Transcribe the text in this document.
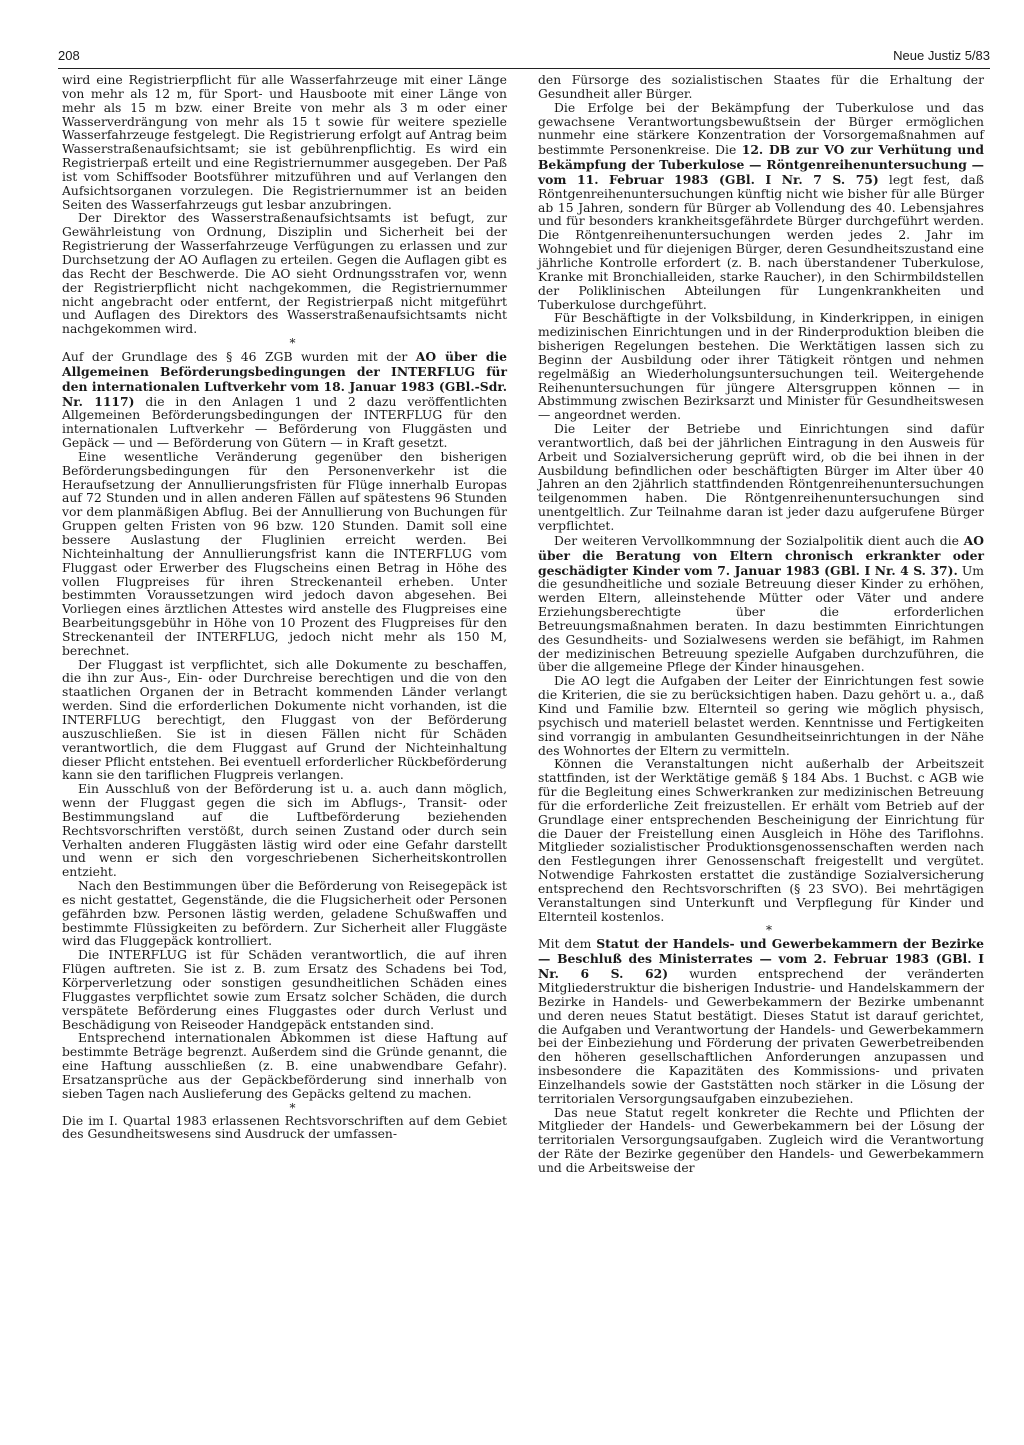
208	Neue Justiz 5/83

wird eine Registrierpflicht für alle Wasserfahrzeuge mit einer Länge von mehr als 12 m, für Sport- und Hausboote mit einer Länge von mehr als 15 m bzw. einer Breite von mehr als 3 m oder einer Wasserverdrängung von mehr als 15 t sowie für weitere spezielle Wasserfahrzeuge festgelegt. Die Registrierung erfolgt auf Antrag beim Wasserstraßenaufsichtsamt; sie ist gebührenpflichtig. Es wird ein Registrierpaß erteilt und eine Registriernummer ausgegeben. Der Paß ist vom Schiffsoder Bootsführer mitzuführen und auf Verlangen den Aufsichtsorganen vorzulegen. Die Registriernummer ist an beiden Seiten des Wasserfahrzeugs gut lesbar anzubringen.

Der Direktor des Wasserstraßenaufsichtsamts ist befugt, zur Gewährleistung von Ordnung, Disziplin und Sicherheit bei der Registrierung der Wasserfahrzeuge Verfügungen zu erlassen und zur Durchsetzung der AO Auflagen zu erteilen. Gegen die Auflagen gibt es das Recht der Beschwerde. Die AO sieht Ordnungsstrafen vor, wenn der Registrierpflicht nicht nachgekommen, die Registriernummer nicht angebracht oder entfernt, der Registrierpaß nicht mitgeführt und Auflagen des Direktors des Wasserstraßenaufsichtsamts nicht nachgekommen wird.

*

Auf der Grundlage des § 46 ZGB wurden mit der AO über die Allgemeinen Beförderungsbedingungen der INTERFLUG für den internationalen Luftverkehr vom 18. Januar 1983 (GBl.-Sdr. Nr. 1117) die in den Anlagen 1 und 2 dazu veröffentlichten Allgemeinen Beförderungsbedingungen der INTERFLUG für den internationalen Luftverkehr — Beförderung von Fluggästen und Gepäck — und — Beförderung von Gütern — in Kraft gesetzt.

Eine wesentliche Veränderung gegenüber den bisherigen Beförderungsbedingungen für den Personenverkehr ist die Heraufsetzung der Annullierungsfristen für Flüge innerhalb Europas auf 72 Stunden und in allen anderen Fällen auf spätestens 96 Stunden vor dem planmäßigen Abflug. Bei der Annullierung von Buchungen für Gruppen gelten Fristen von 96 bzw. 120 Stunden. Damit soll eine bessere Auslastung der Fluglinien erreicht werden. Bei Nichteinhaltung der Annullierungsfrist kann die INTERFLUG vom Fluggast oder Erwerber des Flugscheins einen Betrag in Höhe des vollen Flugpreises für ihren Streckenanteil erheben. Unter bestimmten Voraussetzungen wird jedoch davon abgesehen. Bei Vorliegen eines ärztlichen Attestes wird anstelle des Flugpreises eine Bearbeitungsgebühr in Höhe von 10 Prozent des Flugpreises für den Streckenanteil der INTERFLUG, jedoch nicht mehr als 150 M, berechnet.

Der Fluggast ist verpflichtet, sich alle Dokumente zu beschaffen, die ihn zur Aus-, Ein- oder Durchreise berechtigen und die von den staatlichen Organen der in Betracht kommenden Länder verlangt werden. Sind die erforderlichen Dokumente nicht vorhanden, ist die INTERFLUG berechtigt, den Fluggast von der Beförderung auszuschließen. Sie ist in diesen Fällen nicht für Schäden verantwortlich, die dem Fluggast auf Grund der Nichteinhaltung dieser Pflicht entstehen. Bei eventuell erforderlicher Rückbeförderung kann sie den tariflichen Flugpreis verlangen.

Ein Ausschluß von der Beförderung ist u. a. auch dann möglich, wenn der Fluggast gegen die sich im Abflugs-, Transit- oder Bestimmungsland auf die Luftbeförderung beziehenden Rechtsvorschriften verstößt, durch seinen Zustand oder durch sein Verhalten anderen Fluggästen lästig wird oder eine Gefahr darstellt und wenn er sich den vorgeschriebenen Sicherheitskontrollen entzieht.

Nach den Bestimmungen über die Beförderung von Reisegepäck ist es nicht gestattet, Gegenstände, die die Flugsicherheit oder Personen gefährden bzw. Personen lästig werden, geladene Schußwaffen und bestimmte Flüssigkeiten zu befördern. Zur Sicherheit aller Fluggäste wird das Fluggepäck kontrolliert.

Die INTERFLUG ist für Schäden verantwortlich, die auf ihren Flügen auftreten. Sie ist z. B. zum Ersatz des Schadens bei Tod, Körperverletzung oder sonstigen gesundheitlichen Schäden eines Fluggastes verpflichtet sowie zum Ersatz solcher Schäden, die durch verspätete Beförderung eines Fluggastes oder durch Verlust und Beschädigung von Reiseoder Handgepäck entstanden sind.

Entsprechend internationalen Abkommen ist diese Haftung auf bestimmte Beträge begrenzt. Außerdem sind die Gründe genannt, die eine Haftung ausschließen (z. B. eine unabwendbare Gefahr). Ersatzansprüche aus der Gepäckbeförderung sind innerhalb von sieben Tagen nach Auslieferung des Gepäcks geltend zu machen.

*

Die im I. Quartal 1983 erlassenen Rechtsvorschriften auf dem Gebiet des Gesundheitswesens sind Ausdruck der umfassen-

den Fürsorge des sozialistischen Staates für die Erhaltung der Gesundheit aller Bürger.

Die Erfolge bei der Bekämpfung der Tuberkulose und das gewachsene Verantwortungsbewußtsein der Bürger ermöglichen nunmehr eine stärkere Konzentration der Vorsorgemaßnahmen auf bestimmte Personenkreise. Die 12. DB zur VO zur Verhütung und Bekämpfung der Tuberkulose — Röntgenreihenuntersuchung — vom 11. Februar 1983 (GBl. I Nr. 7 S. 75) legt fest, daß Röntgenreihenuntersuchungen künftig nicht wie bisher für alle Bürger ab 15 Jahren, sondern für Bürger ab Vollendung des 40. Lebensjahres und für besonders krankheitsgefährdete Bürger durchgeführt werden. Die Röntgenreihenuntersuchungen werden jedes 2. Jahr im Wohngebiet und für diejenigen Bürger, deren Gesundheitszustand eine jährliche Kontrolle erfordert (z. B. nach überstandener Tuberkulose, Kranke mit Bronchialleiden, starke Raucher), in den Schirmbildstellen der Poliklinischen Abteilungen für Lungenkrankheiten und Tuberkulose durchgeführt.

Für Beschäftigte in der Volksbildung, in Kinderkrippen, in einigen medizinischen Einrichtungen und in der Rinderproduktion bleiben die bisherigen Regelungen bestehen. Die Werktätigen lassen sich zu Beginn der Ausbildung oder ihrer Tätigkeit röntgen und nehmen regelmäßig an Wiederholungsuntersuchungen teil. Weitergehende Reihenuntersuchungen für jüngere Altersgruppen können — in Abstimmung zwischen Bezirksarzt und Minister für Gesundheitswesen — angeordnet werden.

Die Leiter der Betriebe und Einrichtungen sind dafür verantwortlich, daß bei der jährlichen Eintragung in den Ausweis für Arbeit und Sozialversicherung geprüft wird, ob die bei ihnen in der Ausbildung befindlichen oder beschäftigten Bürger im Alter über 40 Jahren an den 2jährlich stattfindenden Röntgenreihenuntersuchungen teilgenommen haben. Die Röntgenreihenuntersuchungen sind unentgeltlich. Zur Teilnahme daran ist jeder dazu aufgerufene Bürger verpflichtet.

Der weiteren Vervollkommnung der Sozialpolitik dient auch die AO über die Beratung von Eltern chronisch erkrankter oder geschädigter Kinder vom 7. Januar 1983 (GBl. I Nr. 4 S. 37). Um die gesundheitliche und soziale Betreuung dieser Kinder zu erhöhen, werden Eltern, alleinstehende Mütter oder Väter und andere Erziehungsberechtigte über die erforderlichen Betreuungsmaßnahmen beraten. In dazu bestimmten Einrichtungen des Gesundheits- und Sozialwesens werden sie befähigt, im Rahmen der medizinischen Betreuung spezielle Aufgaben durchzuführen, die über die allgemeine Pflege der Kinder hinausgehen.

Die AO legt die Aufgaben der Leiter der Einrichtungen fest sowie die Kriterien, die sie zu berücksichtigen haben. Dazu gehört u. a., daß Kind und Familie bzw. Elternteil so gering wie möglich physisch, psychisch und materiell belastet werden. Kenntnisse und Fertigkeiten sind vorrangig in ambulanten Gesundheitseinrichtungen in der Nähe des Wohnortes der Eltern zu vermitteln.

Können die Veranstaltungen nicht außerhalb der Arbeitszeit stattfinden, ist der Werktätige gemäß § 184 Abs. 1 Buchst. c AGB wie für die Begleitung eines Schwerkranken zur medizinischen Betreuung für die erforderliche Zeit freizustellen. Er erhält vom Betrieb auf der Grundlage einer entsprechenden Bescheinigung der Einrichtung für die Dauer der Freistellung einen Ausgleich in Höhe des Tariflohns. Mitglieder sozialistischer Produktionsgenossenschaften werden nach den Festlegungen ihrer Genossenschaft freigestellt und vergütet. Notwendige Fahrkosten erstattet die zuständige Sozialversicherung entsprechend den Rechtsvorschriften (§ 23 SVO). Bei mehrtägigen Veranstaltungen sind Unterkunft und Verpflegung für Kinder und Elternteil kostenlos.

*

Mit dem Statut der Handels- und Gewerbekammern der Bezirke — Beschluß des Ministerrates — vom 2. Februar 1983 (GBl. I Nr. 6 S. 62) wurden entsprechend der veränderten Mitgliederstruktur die bisherigen Industrie- und Handelskammern der Bezirke in Handels- und Gewerbekammern der Bezirke umbenannt und deren neues Statut bestätigt. Dieses Statut ist darauf gerichtet, die Aufgaben und Verantwortung der Handels- und Gewerbekammern bei der Einbeziehung und Förderung der privaten Gewerbetreibenden den höheren gesellschaftlichen Anforderungen anzupassen und insbesondere die Kapazitäten des Kommissions- und privaten Einzelhandels sowie der Gaststätten noch stärker in die Lösung der territorialen Versorgungsaufgaben einzubeziehen.

Das neue Statut regelt konkreter die Rechte und Pflichten der Mitglieder der Handels- und Gewerbekammern bei der Lösung der territorialen Versorgungsaufgaben. Zugleich wird die Verantwortung der Räte der Bezirke gegenüber den Handels- und Gewerbekammern und die Arbeitsweise der
